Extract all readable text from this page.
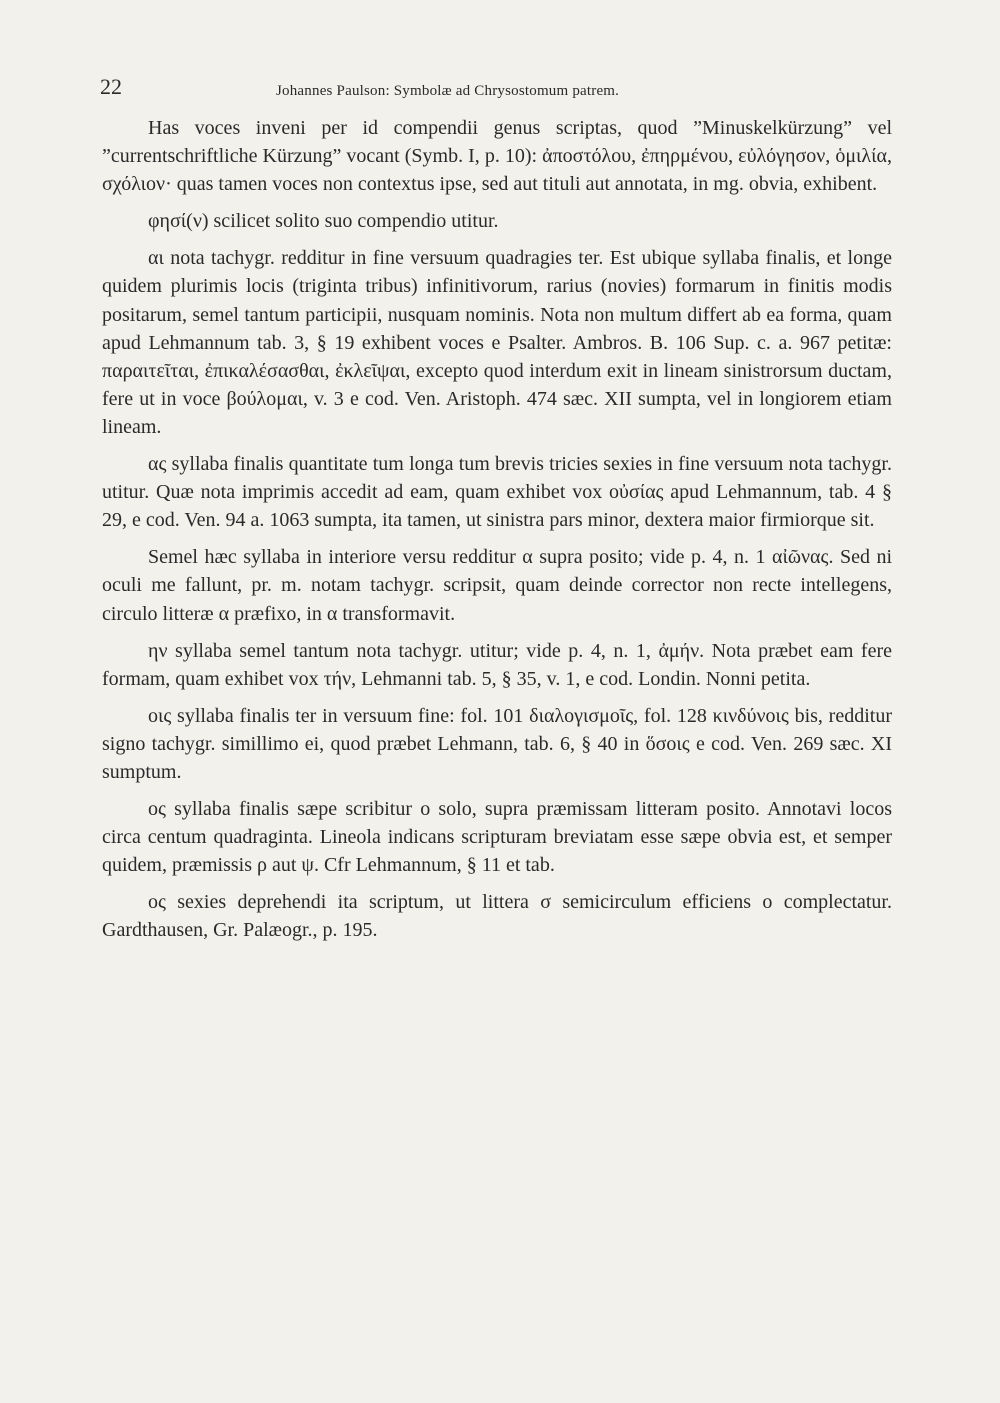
22	Johannes Paulson: Symbolæ ad Chrysostomum patrem.

Has voces inveni per id compendii genus scriptas, quod ”Minuskelkürzung” vel ”currentschriftliche Kürzung” vocant (Symb. I, p. 10): ἀποστόλου, ἐπηρμένου, εὐλόγησον, ὁμιλία, σχόλιον· quas tamen voces non contextus ipse, sed aut tituli aut annotata, in mg. obvia, exhibent.

φησί(ν) scilicet solito suo compendio utitur.

αι nota tachygr. redditur in fine versuum quadragies ter. Est ubique syllaba finalis, et longe quidem plurimis locis (triginta tribus) infinitivorum, rarius (novies) formarum in finitis modis positarum, semel tantum participii, nusquam nominis. Nota non multum differt ab ea forma, quam apud Lehmannum tab. 3, § 19 exhibent voces e Psalter. Ambros. B. 106 Sup. c. a. 967 petitæ: παραιτεῖται, ἐπικαλέσασθαι, ἐκλεῖψαι, excepto quod interdum exit in lineam sinistrorsum ductam, fere ut in voce βούλομαι, v. 3 e cod. Ven. Aristoph. 474 sæc. XII sumpta, vel in longiorem etiam lineam.

ας syllaba finalis quantitate tum longa tum brevis tricies sexies in fine versuum nota tachygr. utitur. Quæ nota imprimis accedit ad eam, quam exhibet vox οὐσίας apud Lehmannum, tab. 4 § 29, e cod. Ven. 94 a. 1063 sumpta, ita tamen, ut sinistra pars minor, dextera maior firmiorque sit.

Semel hæc syllaba in interiore versu redditur α supra posito; vide p. 4, n. 1 αἰῶνας. Sed ni oculi me fallunt, pr. m. notam tachygr. scripsit, quam deinde corrector non recte intellegens, circulo litteræ α præfixo, in α transformavit.

ην syllaba semel tantum nota tachygr. utitur; vide p. 4, n. 1, ἀμήν. Nota præbet eam fere formam, quam exhibet vox τήν, Lehmanni tab. 5, § 35, v. 1, e cod. Londin. Nonni petita.

οις syllaba finalis ter in versuum fine: fol. 101 διαλογισμοῖς, fol. 128 κινδύνοις bis, redditur signo tachygr. simillimo ei, quod præbet Lehmann, tab. 6, § 40 in ὅσοις e cod. Ven. 269 sæc. XI sumptum.

ος syllaba finalis sæpe scribitur ο solo, supra præmissam litteram posito. Annotavi locos circa centum quadraginta. Lineola indicans scripturam breviatam esse sæpe obvia est, et semper quidem, præmissis ρ aut ψ. Cfr Lehmannum, § 11 et tab.

ος sexies deprehendi ita scriptum, ut littera σ semicirculum efficiens ο complectatur. Gardthausen, Gr. Palæogr., p. 195.
